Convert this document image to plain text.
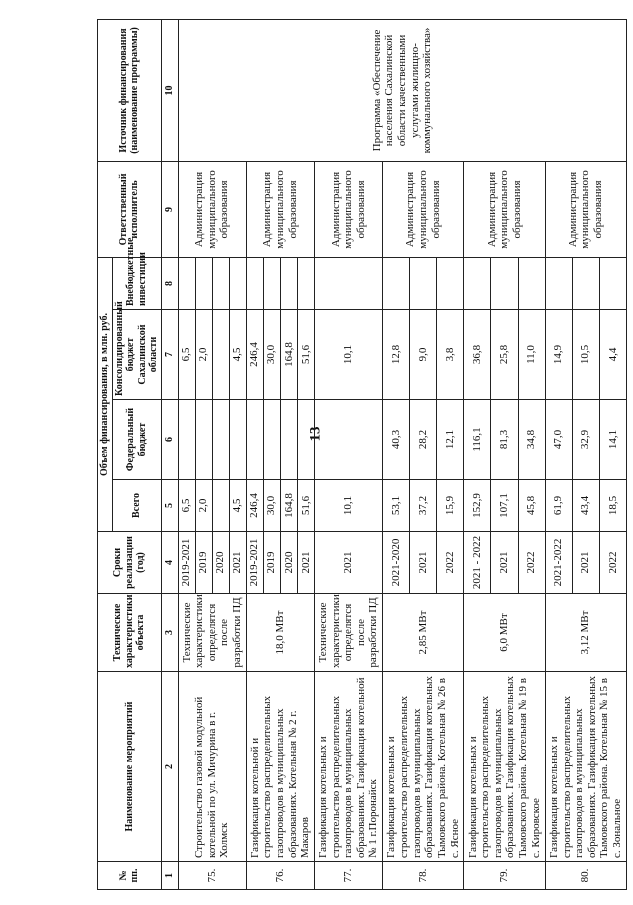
13
№ пп.	Наименование мероприятий	Технические характеристики объекта	Сроки реализации (год)	Объем финансирования, в млн. руб.				Ответственный исполнитель	Источник финансирования (наименование программы)
				Всего	Федеральный бюджет	Консолидированный бюджет Сахалинской области	Внебюджетные инвестиции		
1	2	3	4	5	6	7	8	9	10
75.	Строительство газовой модульной котельной по ул. Мичурина в г. Холмск	Технические характеристики определятся после разработки ПД	2019-2021	6,5		6,5		Администрация муниципального образования	Программа «Обеспечение населения Сахалинской области качественными услугами жилищно-коммунального хозяйства»
			2019	2,0		2,0			
			2020						
			2021	4,5		4,5			
76.	Газификация котельной и строительство распределительных газопроводов в муниципальных образованиях. Котельная № 2 г. Макаров	18,0 МВт	2019-2021	246,4		246,4		Администрация муниципального образования	
			2019	30,0		30,0			
			2020	164,8		164,8			
			2021	51,6		51,6			
77.	Газификация котельных и строительство распределительных газопроводов в муниципальных образованиях. Газификация котельной № 1 г.Поронайск	Технические характеристики определятся после разработки ПД	2021	10,1		10,1		Администрация муниципального образования	
78.	Газификация котельных и строительство распределительных газопроводов в муниципальных образованиях. Газификация котельных Тымовского района. Котельная № 26 в с. Ясное	2,85 МВт	2021-2020	53,1	40,3	12,8		Администрация муниципального образования	
			2021	37,2	28,2	9,0			
			2022	15,9	12,1	3,8			
79.	Газификация котельных и строительство распределительных газопроводов в муниципальных образованиях. Газификация котельных Тымовского района. Котельная № 19 в с. Кировское	6,0 МВт	2021 - 2022	152,9	116,1	36,8		Администрация муниципального образования	
			2021	107,1	81,3	25,8			
			2022	45,8	34,8	11,0			
80.	Газификация котельных и строительство распределительных газопроводов в муниципальных образованиях. Газификация котельных Тымовского района. Котельная № 15 в с. Зональное	3,12 МВт	2021-2022	61,9	47,0	14,9		Администрация муниципального образования	
			2021	43,4	32,9	10,5			
			2022	18,5	14,1	4,4			
